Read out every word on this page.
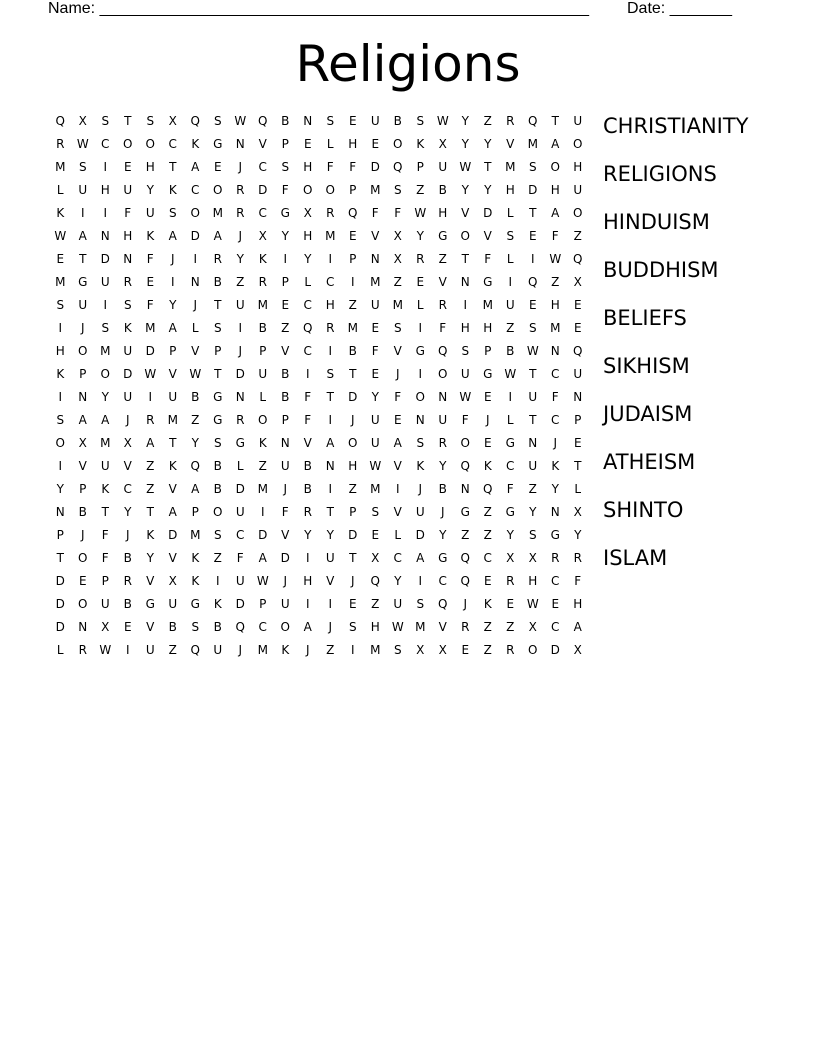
Name: _______________________________________________________ Date: _______
Religions
Q	X	S	T	S	X	Q	S	W Q	B	N	S	E	U	B	S	W	Y	Z	R	Q	T	U
R	W	C	O	O	C	K	G	N	V	P	E	L	H	E	O	K	X	Y	Y	V	M	A	O
M	S	I	E	H	T	A	E	J	C	S	H	F	F	D	Q	P	U	W	T	M	S	O	H
L	U	H	U	Y	K	C	O	R	D	F	O	O	P	M	S	Z	B	Y	Y	H	D	H	U
K	I	I	F	U	S	O	M	R	C	G	X	R	Q	F	F	W	H	V	D	L	T	A	O
W	A	N	H	K	A	D	A	J	X	Y	H	M	E	V	X	Y	G	O	V	S	E	F	Z
E	T	D	N	F	J	I	R	Y	K	I	Y	I	P	N	X	R	Z	T	F	L	I	W Q
M	G	U	R	E	I	N	B	Z	R	P	L	C	I	M	Z	E	V	N	G	I	Q	Z	X
S	U	I	S	F	Y	J	T	U	M	E	C	H	Z	U	M	L	R	I	M	U	E	H	E
I	J	S	K	M	A	L	S	I	B	Z	Q	R	M	E	S	I	F	H	H	Z	S	M	E
H	O	M	U	D	P	V	P	J	P	V	C	I	B	F	V	G	Q	S	P	B	W	N	Q
K	P	O	D W	V	W	T	D	U	B	I	S	T	E	J	I	O	U	G W	T	C	U
I	N	Y	U	I	U	B	G	N	L	B	F	T	D	Y	F	O	N	W	E	I	U	F	N
S	A	A	J	R	M	Z	G	R	O	P	F	I	J	U	E	N	U	F	J	L	T	C	P
O	X	M	X	A	T	Y	S	G	K	N	V	A	O	U	A	S	R	O	E	G	N	J	E
I	V	U	V	Z	K	Q	B	L	Z	U	B	N	H	W	V	K	Y	Q	K	C	U	K	T
Y	P	K	C	Z	V	A	B	D	M	J	B	I	Z	M	I	J	B	N	Q	F	Z	Y	L
N	B	T	Y	T	A	P	O	U	I	F	R	T	P	S	V	U	J	G	Z	G	Y	N	X
P	J	F	J	K	D	M	S	C	D	V	Y	Y	D	E	L	D	Y	Z	Z	Y	S	G	Y
T	O	F	B	Y	V	K	Z	F	A	D	I	U	T	X	C	A	G	Q	C	X	X	R	R
D	E	P	R	V	X	K	I	U	W	J	H	V	J	Q	Y	I	C	Q	E	R	H	C	F
D	O	U	B	G	U	G	K	D	P	U	I	I	E	Z	U	S	Q	J	K	E	W	E	H
D	N	X	E	V	B	S	B	Q	C	O	A	J	S	H	W M	V	R	Z	Z	X	C	A
L	R	W	I	U	Z	Q	U	J	M	K	J	Z	I	M	S	X	X	E	Z	R	O	D	X
CHRISTIANITY
RELIGIONS
HINDUISM
BUDDHISM
BELIEFS
SIKHISM
JUDAISM
ATHEISM
SHINTO
ISLAM
